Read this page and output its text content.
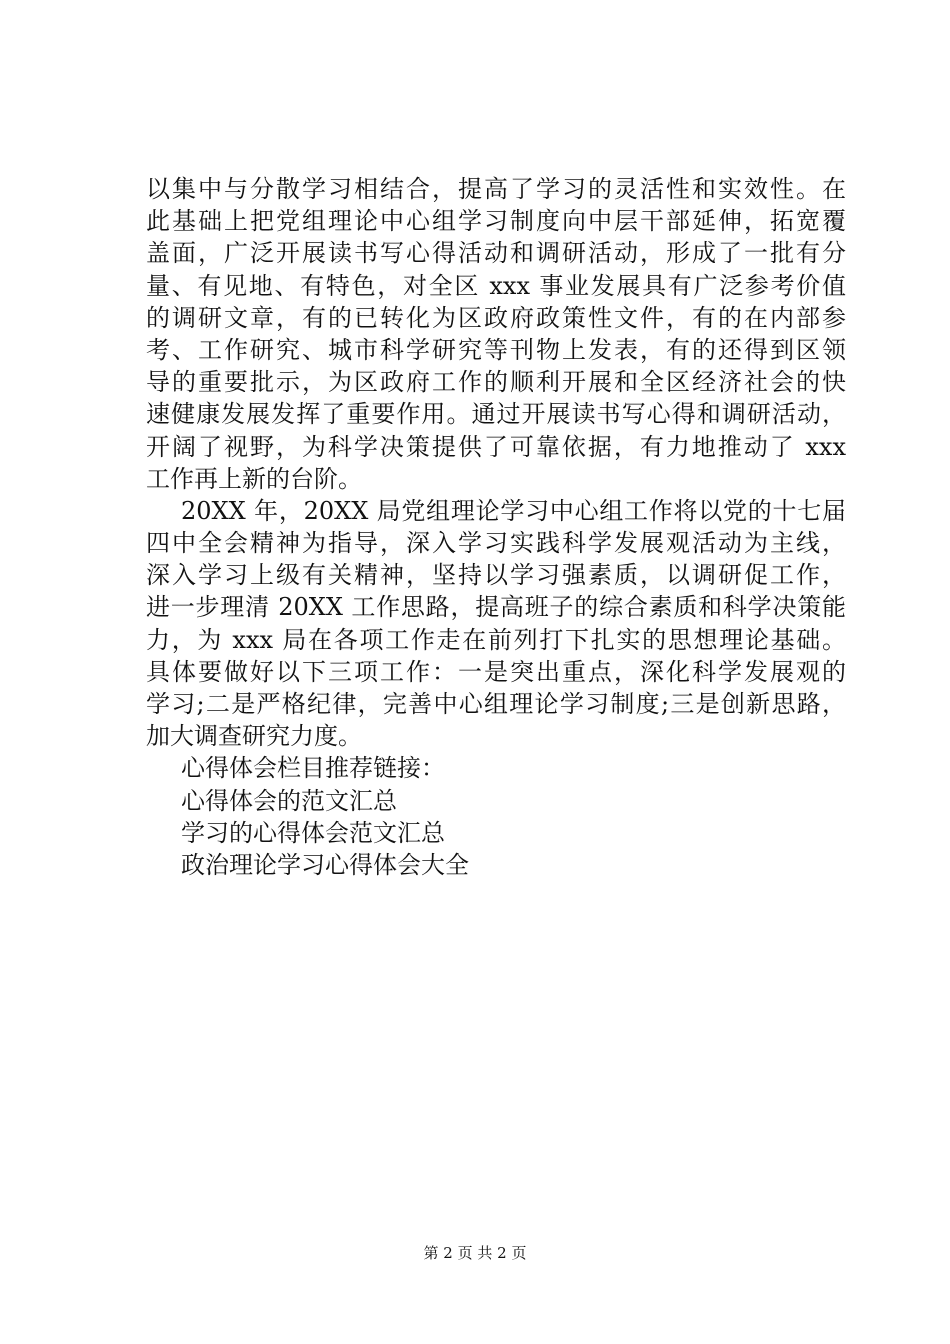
以集中与分散学习相结合，提高了学习的灵活性和实效性。在
此基础上把党组理论中心组学习制度向中层干部延伸，拓宽覆
盖面，广泛开展读书写心得活动和调研活动，形成了一批有分
量、有见地、有特色，对全区 xxx 事业发展具有广泛参考价值
的调研文章，有的已转化为区政府政策性文件，有的在内部参
考、工作研究、城市科学研究等刊物上发表，有的还得到区领
导的重要批示，为区政府工作的顺利开展和全区经济社会的快
速健康发展发挥了重要作用。通过开展读书写心得和调研活动，
开阔了视野，为科学决策提供了可靠依据，有力地推动了 xxx
工作再上新的台阶。
20XX 年，20XX 局党组理论学习中心组工作将以党的十七届
四中全会精神为指导，深入学习实践科学发展观活动为主线，
深入学习上级有关精神，坚持以学习强素质，以调研促工作，
进一步理清 20XX 工作思路，提高班子的综合素质和科学决策能
力，为 xxx 局在各项工作走在前列打下扎实的思想理论基础。
具体要做好以下三项工作：一是突出重点，深化科学发展观的
学习;二是严格纪律，完善中心组理论学习制度;三是创新思路，
加大调查研究力度。
心得体会栏目推荐链接：
心得体会的范文汇总
学习的心得体会范文汇总
政治理论学习心得体会大全
第 2 页 共 2 页
